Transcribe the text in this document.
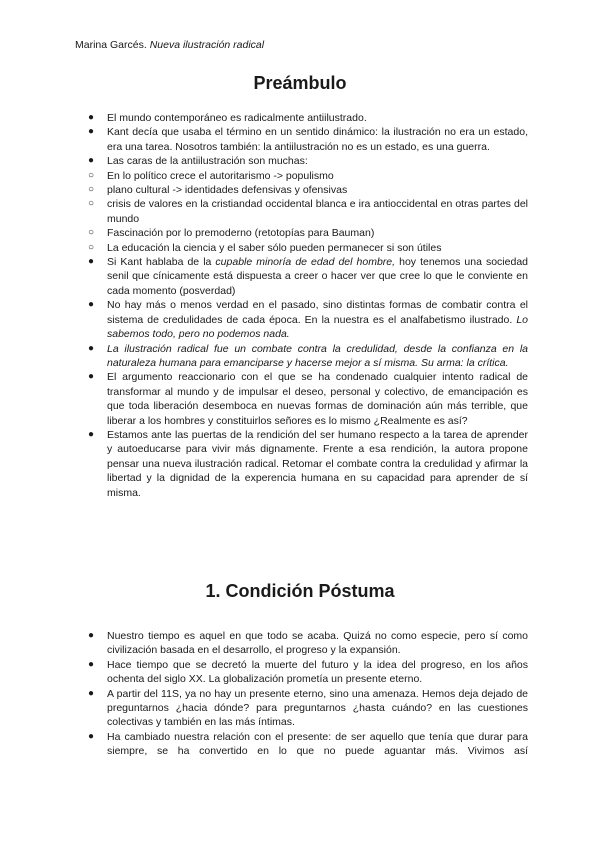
Marina Garcés. Nueva ilustración radical
Preámbulo
● El mundo contemporáneo es radicalmente antiilustrado.
● Kant decía que usaba el término en un sentido dinámico: la ilustración no era un estado, era una tarea. Nosotros también: la antiilustración no es un estado, es una guerra.
● Las caras de la antiilustración son muchas:
○ En lo político crece el autoritarismo -> populismo
○ plano cultural -> identidades defensivas y ofensivas
○ crisis de valores en la cristiandad occidental blanca e ira antioccidental en otras partes del mundo
○ Fascinación por lo premoderno (retotopías para Bauman)
○ La educación la ciencia y el saber sólo pueden permanecer si son útiles
● Si Kant hablaba de la cupable minoría de edad del hombre, hoy tenemos una sociedad senil que cínicamente está dispuesta a creer o hacer ver que cree lo que le conviente en cada momento (posverdad)
● No hay más o menos verdad en el pasado, sino distintas formas de combatir contra el sistema de credulidades de cada época. En la nuestra es el analfabetismo ilustrado. Lo sabemos todo, pero no podemos nada.
● La ilustración radical fue un combate contra la credulidad, desde la confianza en la naturaleza humana para emanciparse y hacerse mejor a sí misma. Su arma: la crítica.
● El argumento reaccionario con el que se ha condenado cualquier intento radical de transformar al mundo y de impulsar el deseo, personal y colectivo, de emancipación es que toda liberación desemboca en nuevas formas de dominación aún más terrible, que liberar a los hombres y constituirlos señores es lo mismo ¿Realmente es así?
● Estamos ante las puertas de la rendición del ser humano respecto a la tarea de aprender y autoeducarse para vivir más dignamente. Frente a esa rendición, la autora propone pensar una nueva ilustración radical. Retomar el combate contra la credulidad y afirmar la libertad y la dignidad de la experencia humana en su capacidad para aprender de sí misma.
1. Condición Póstuma
● Nuestro tiempo es aquel en que todo se acaba. Quizá no como especie, pero sí como civilización basada en el desarrollo, el progreso y la expansión.
● Hace tiempo que se decretó la muerte del futuro y la idea del progreso, en los años ochenta del siglo XX. La globalización prometía un presente eterno.
● A partir del 11S, ya no hay un presente eterno, sino una amenaza. Hemos deja dejado de preguntarnos ¿hacia dónde? para preguntarnos ¿hasta cuándo? en las cuestiones colectivas y también en las más íntimas.
● Ha cambiado nuestra relación con el presente: de ser aquello que tenía que durar para siempre, se ha convertido en lo que no puede aguantar más. Vivimos así
